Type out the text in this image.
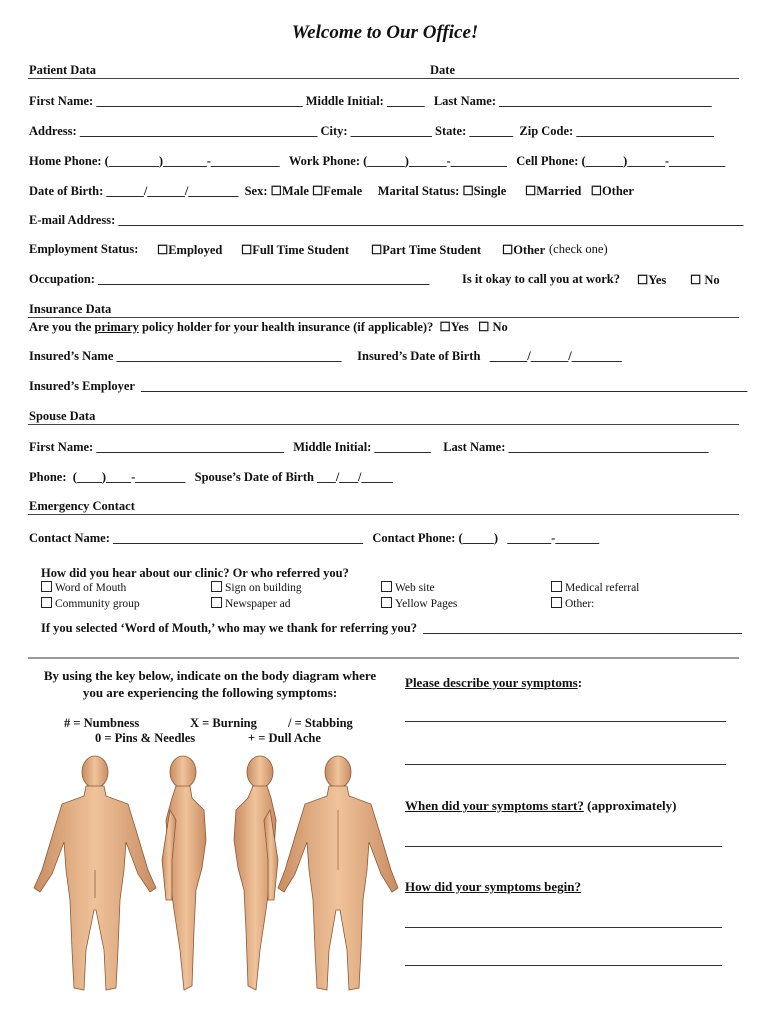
Welcome to Our Office!
Patient Data	Date
First Name: _________________________________ Middle Initial: ______   Last Name: __________________________________
Address: ______________________________________ City: _____________ State: _______  Zip Code: ______________________
Home Phone: (________)_______-___________   Work Phone: (______)______-_________   Cell Phone: (______)______-_________
Date of Birth: ______/______/________  Sex: ☐Male ☐Female     Marital Status: ☐Single      ☐Married   ☐Other
E-mail Address: ____________________________________________________________________________________________________
Employment Status: ☐Employed ☐Full Time Student ☐Part Time Student ☐Other (check one)
Occupation: _____________________________________________________	Is it okay to call you at work? ☐Yes ☐ No
Insurance Data
Are you the primary policy holder for your health insurance (if applicable)?  ☐Yes   ☐ No
Insured’s Name ____________________________________     Insured’s Date of Birth   ______/______/________
Insured’s Employer  _________________________________________________________________________________________________
Spouse Data
First Name: ______________________________   Middle Initial: _________    Last Name: ________________________________
Phone:  (____)____-________   Spouse’s Date of Birth ___/___/_____
Emergency Contact
Contact Name: ________________________________________   Contact Phone: (_____)   _______-_______
How did you hear about our clinic? Or who referred you?
Word of Mouth	Sign on building	Web site	Medical referral
Community group	Newspaper ad	Yellow Pages	Other:
If you selected ‘Word of Mouth,’ who may we thank for referring you?  ___________________________________________________
By using the key below, indicate on the body diagram where
you are experiencing the following symptoms:
# = Numbness	X = Burning / = Stabbing
0 = Pins & Needles	+ = Dull Ache
Please describe your symptoms:
When did your symptoms start? (approximately)
How did your symptoms begin?
